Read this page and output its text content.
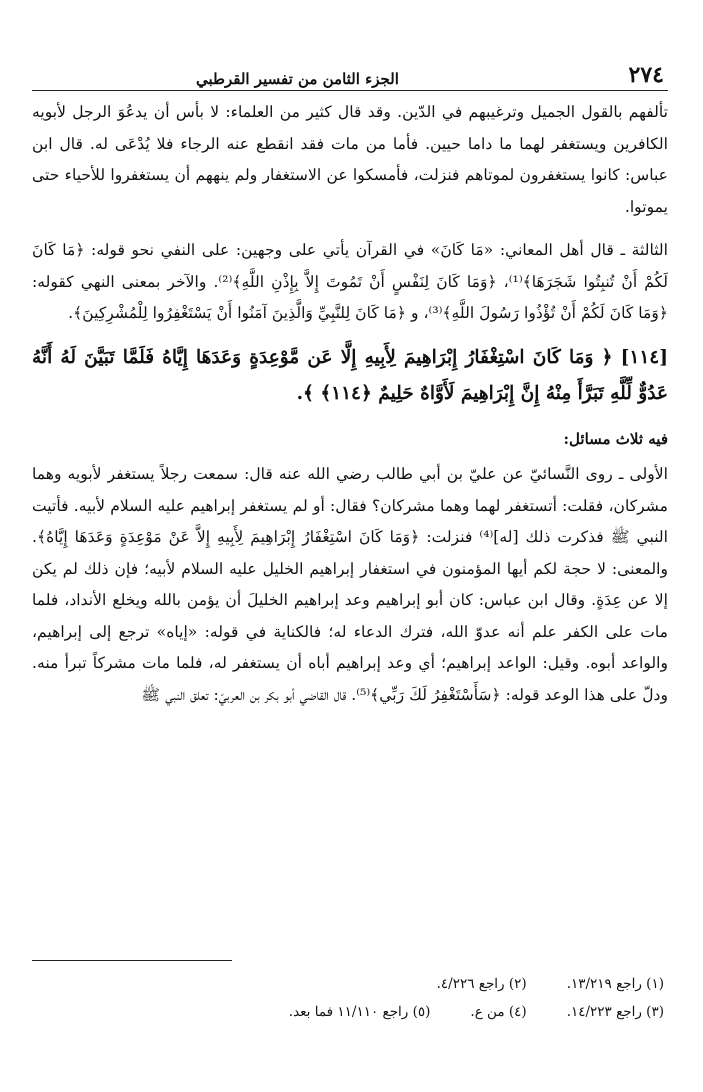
٢٧٤
الجزء الثامن من تفسير القرطبي

تألفهم بالقول الجميل وترغيبهم في الدّين. وقد قال كثير من العلماء: لا بأس أن يدعُوَ الرجل لأبويه الكافرين ويستغفر لهما ما داما حيين. فأما من مات فقد انقطع عنه الرجاء فلا يُدْعَى له. قال ابن عباس: كانوا يستغفرون لموتاهم فنزلت، فأمسكوا عن الاستغفار ولم ينههم أن يستغفروا للأحياء حتى يموتوا.

الثالثة ـ قال أهل المعاني: «مَا كَانَ» في القرآن يأتي على وجهين: على النفي نحو قوله: ﴿مَا كَانَ لَكُمْ أَنْ تُنبِتُوا شَجَرَهَا﴾⁽¹⁾، ﴿وَمَا كَانَ لِنَفْسٍ أَنْ تَمُوتَ إِلاَّ بِإِذْنِ اللَّهِ﴾⁽²⁾. والآخر بمعنى النهي كقوله: ﴿وَمَا كَانَ لَكُمْ أَنْ تُؤْذُوا رَسُولَ اللَّهِ﴾⁽³⁾، و ﴿مَا كَانَ لِلنَّبِيِّ وَالَّذِينَ آمَنُوا أَنْ يَسْتَغْفِرُوا لِلْمُشْرِكِينَ﴾.

[١١٤] ﴿ وَمَا كَانَ اسْتِغْفَارُ إِبْرَاهِيمَ لِأَبِيهِ إِلَّا عَن مَّوْعِدَةٍ وَعَدَهَا إِيَّاهُ فَلَمَّا تَبَيَّنَ لَهُ أَنَّهُ عَدُوٌّ لِّلَّهِ تَبَرَّأَ مِنْهُ إِنَّ إِبْرَاهِيمَ لَأَوَّاهٌ حَلِيمٌ ﴿١١٤﴾ ﴾.

فيه ثلاث مسائل:

الأولى ـ روى النَّسائيّ عن عليّ بن أبي طالب رضي الله عنه قال: سمعت رجلاً يستغفر لأبويه وهما مشركان، فقلت: أتستغفر لهما وهما مشركان؟ فقال: أو لم يستغفر إبراهيم عليه السلام لأبيه. فأتيت النبي ﷺ فذكرت ذلك [له]⁽⁴⁾ فنزلت: ﴿وَمَا كَانَ اسْتِغْفَارُ إِبْرَاهِيمَ لِأَبِيهِ إِلاَّ عَنْ مَوْعِدَةٍ وَعَدَهَا إِيَّاهُ﴾. والمعنى: لا حجة لكم أيها المؤمنون في استغفار إبراهيم الخليل عليه السلام لأبيه؛ فإن ذلك لم يكن إلا عن عِدَةٍ. وقال ابن عباس: كان أبو إبراهيم وعد إبراهيم الخليلَ أن يؤمن بالله ويخلع الأنداد، فلما مات على الكفر علم أنه عدوّ الله، فترك الدعاء له؛ فالكناية في قوله: «إياه» ترجع إلى إبراهيم، والواعد أبوه. وقيل: الواعد إبراهيم؛ أي وعد إبراهيم أباه أن يستغفر له، فلما مات مشركاً تبرأ منه. ودلّ على هذا الوعد قوله: ﴿سَأَسْتَغْفِرُ لَكَ رَبِّي﴾⁽⁵⁾. قال القاضي أبو بكر بن العربيّ: تعلق النبي ﷺ

(١) راجع ١٣/٢١٩.
(٢) راجع ٤/٢٢٦.
(٣) راجع ١٤/٢٢٣.
(٤) من ع.
(٥) راجع ١١/١١٠ فما بعد.
